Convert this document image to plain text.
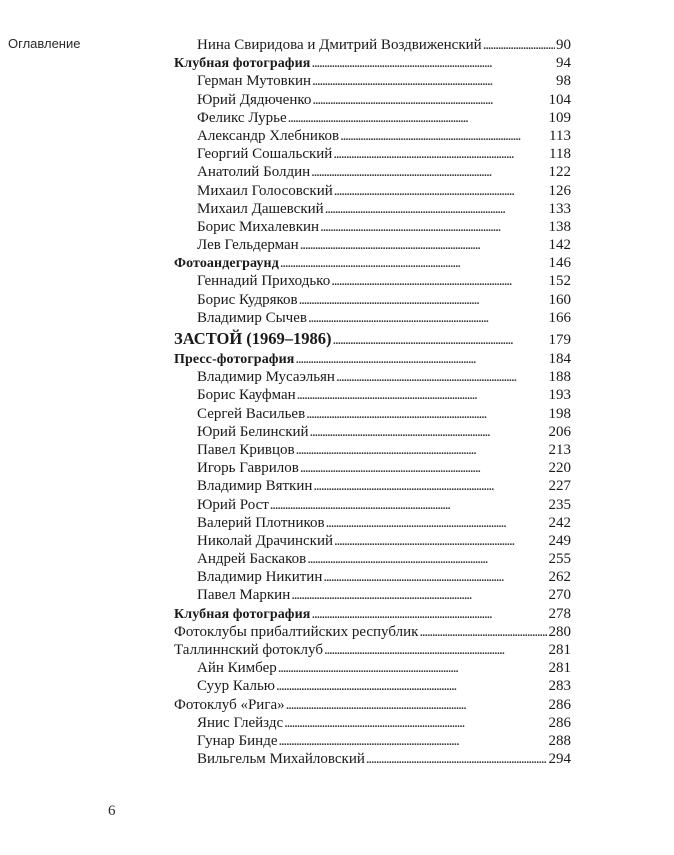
Оглавление	Нина Свиридова и Дмитрий Воздвиженский . . .	90
Клубная фотография . . .	94
Герман Мутовкин . . .	98
Юрий Дядюченко . . .	104
Феликс Лурье . . .	109
Александр Хлебников . . .	113
Георгий Сошальский . . .	118
Анатолий Болдин . . .	122
Михаил Голосовский . . .	126
Михаил Дашевский . . .	133
Борис Михалевкин . . .	138
Лев Гельдерман . . .	142
Фотоандеграунд . . .	146
Геннадий Приходько . . .	152
Борис Кудряков . . .	160
Владимир Сычев . . .	166
ЗАСТОЙ (1969–1986) . . .	179
Пресс-фотография . . .	184
Владимир Мусаэльян . . .	188
Борис Кауфман . . .	193
Сергей Васильев . . .	198
Юрий Белинский . . .	206
Павел Кривцов . . .	213
Игорь Гаврилов . . .	220
Владимир Вяткин . . .	227
Юрий Рост . . .	235
Валерий Плотников . . .	242
Николай Драчинский . . .	249
Андрей Баскаков . . .	255
Владимир Никитин . . .	262
Павел Маркин . . .	270
Клубная фотография . . .	278
Фотоклубы прибалтийских республик . . .	280
Таллиннский фотоклуб . . .	281
Айн Кимбер . . .	281
Суур Калью . . .	283
Фотоклуб «Рига» . . .	286
Янис Глейздс . . .	286
Гунар Бинде . . .	288
Вильгельм Михайловский . . .	294
6
